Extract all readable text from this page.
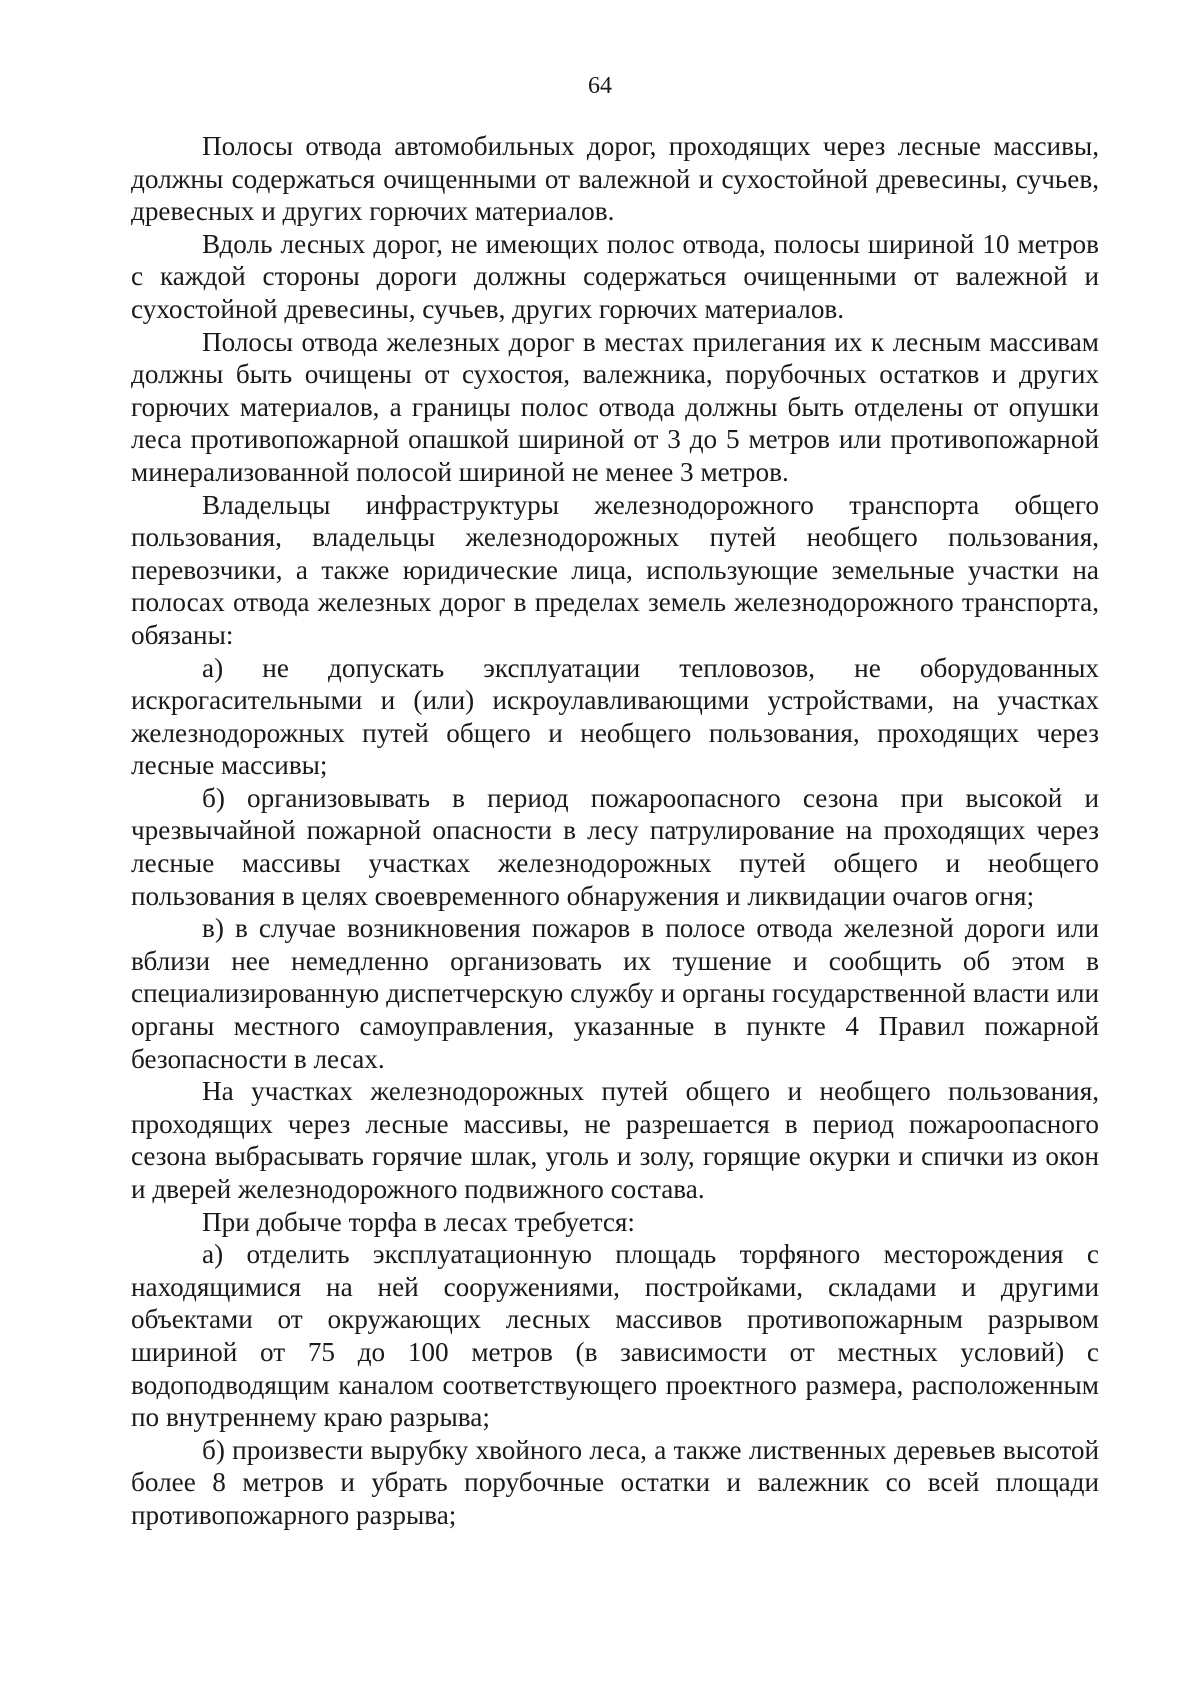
64

Полосы отвода автомобильных дорог, проходящих через лесные массивы, должны содержаться очищенными от валежной и сухостойной древесины, сучьев, древесных и других горючих материалов.

Вдоль лесных дорог, не имеющих полос отвода, полосы шириной 10 метров с каждой стороны дороги должны содержаться очищенными от валежной и сухостойной древесины, сучьев, других горючих материалов.

Полосы отвода железных дорог в местах прилегания их к лесным массивам должны быть очищены от сухостоя, валежника, порубочных остатков и других горючих материалов, а границы полос отвода должны быть отделены от опушки леса противопожарной опашкой шириной от 3 до 5 метров или противопожарной минерализованной полосой шириной не менее 3 метров.

Владельцы инфраструктуры железнодорожного транспорта общего пользования, владельцы железнодорожных путей необщего пользования, перевозчики, а также юридические лица, использующие земельные участки на полосах отвода железных дорог в пределах земель железнодорожного транспорта, обязаны:

а) не допускать эксплуатации тепловозов, не оборудованных искрогасительными и (или) искроулавливающими устройствами, на участках железнодорожных путей общего и необщего пользования, проходящих через лесные массивы;

б) организовывать в период пожароопасного сезона при высокой и чрезвычайной пожарной опасности в лесу патрулирование на проходящих через лесные массивы участках железнодорожных путей общего и необщего пользования в целях своевременного обнаружения и ликвидации очагов огня;

в) в случае возникновения пожаров в полосе отвода железной дороги или вблизи нее немедленно организовать их тушение и сообщить об этом в специализированную диспетчерскую службу и органы государственной власти или органы местного самоуправления, указанные в пункте 4 Правил пожарной безопасности в лесах.

На участках железнодорожных путей общего и необщего пользования, проходящих через лесные массивы, не разрешается в период пожароопасного сезона выбрасывать горячие шлак, уголь и золу, горящие окурки и спички из окон и дверей железнодорожного подвижного состава.

При добыче торфа в лесах требуется:

а) отделить эксплуатационную площадь торфяного месторождения с находящимися на ней сооружениями, постройками, складами и другими объектами от окружающих лесных массивов противопожарным разрывом шириной от 75 до 100 метров (в зависимости от местных условий) с водоподводящим каналом соответствующего проектного размера, расположенным по внутреннему краю разрыва;

б) произвести вырубку хвойного леса, а также лиственных деревьев высотой более 8 метров и убрать порубочные остатки и валежник со всей площади противопожарного разрыва;
